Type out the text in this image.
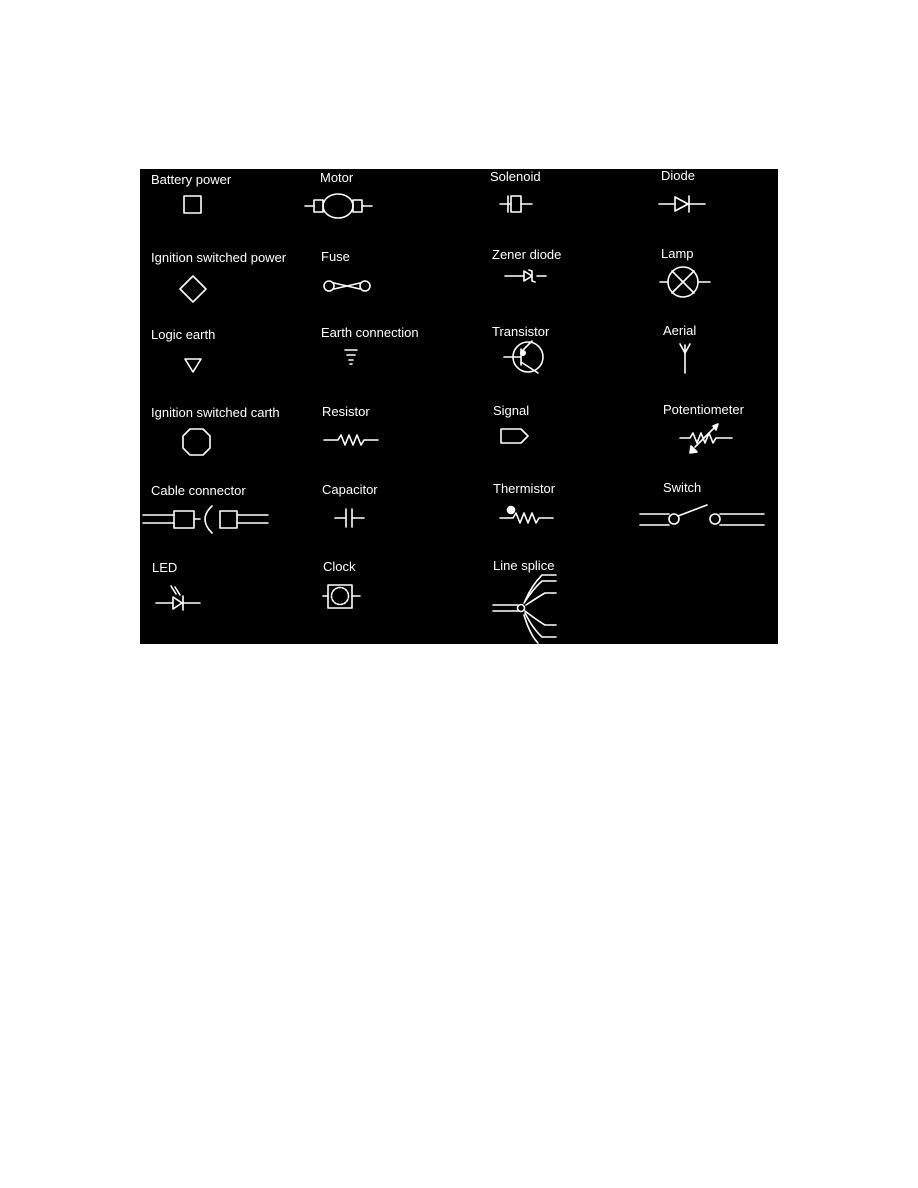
Battery power	Motor	Solenoid	Diode
Ignition switched power	Fuse	Zener diode	Lamp
Logic earth	Earth connection	Transistor	Aerial
Ignition switched carth	Resistor	Signal	Potentiometer
Cable connector	Capacitor	Thermistor	Switch
LED	Clock	Line splice
